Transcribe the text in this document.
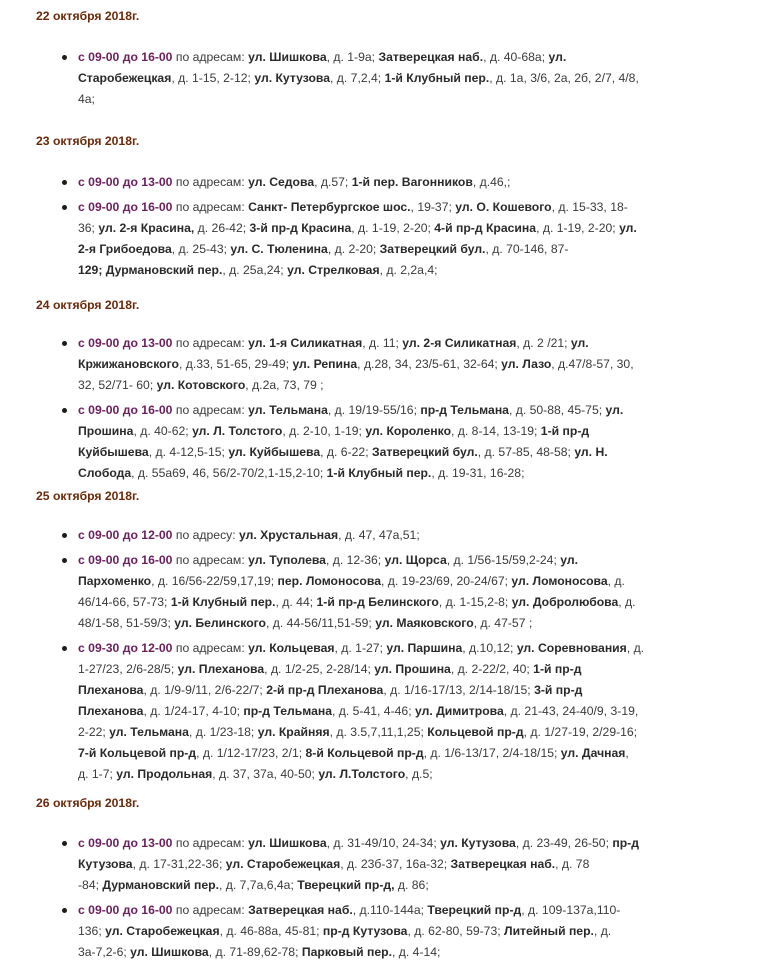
22 октября 2018г.
с 09-00 до 16-00 по адресам: ул. Шишкова, д. 1-9а; Затверецкая наб., д. 40-68а; ул.
Старобежецкая, д. 1-15, 2-12; ул. Кутузова, д. 7,2,4; 1-й Клубный пер., д. 1а, 3/6, 2а, 2б, 2/7, 4/8,
4а;
23 октября 2018г.
с 09-00 до 13-00 по адресам: ул. Седова, д.57; 1-й пер. Вагонников, д.46,;
с 09-00 до 16-00 по адресам: Санкт- Петербургское шос., 19-37; ул. О. Кошевого, д. 15-33, 18-
36; ул. 2-я Красина, д. 26-42; 3-й пр-д Красина, д. 1-19, 2-20; 4-й пр-д Красина, д. 1-19, 2-20; ул.
2-я Грибоедова, д. 25-43; ул. С. Тюленина, д. 2-20; Затверецкий бул., д. 70-146, 87-
129; Дурмановский пер., д. 25а,24; ул. Стрелковая, д. 2,2а,4;
24 октября 2018г.
с 09-00 до 13-00 по адресам: ул. 1-я Силикатная, д. 11; ул. 2-я Силикатная, д. 2 /21; ул.
Кржижановского, д.33, 51-65, 29-49; ул. Репина, д.28, 34, 23/5-61, 32-64; ул. Лазо, д.47/8-57, 30,
32, 52/71- 60; ул. Котовского, д.2а, 73, 79 ;
с 09-00 до 16-00 по адресам: ул. Тельмана, д. 19/19-55/16; пр-д Тельмана, д. 50-88, 45-75; ул.
Прошина, д. 40-62; ул. Л. Толстого, д. 2-10, 1-19; ул. Короленко, д. 8-14, 13-19; 1-й пр-д
Куйбышева, д. 4-12,5-15; ул. Куйбышева, д. 6-22; Затверецкий бул., д. 57-85, 48-58; ул. Н.
Слобода, д. 55а69, 46, 56/2-70/2,1-15,2-10; 1-й Клубный пер., д. 19-31, 16-28;
25 октября 2018г.
с 09-00 до 12-00 по адресу: ул. Хрустальная, д. 47, 47а,51;
с 09-00 до 16-00 по адресам: ул. Туполева, д. 12-36; ул. Щорса, д. 1/56-15/59,2-24; ул.
Пархоменко, д. 16/56-22/59,17,19; пер. Ломоносова, д. 19-23/69, 20-24/67; ул. Ломоносова, д.
46/14-66, 57-73; 1-й Клубный пер., д. 44; 1-й пр-д Белинского, д. 1-15,2-8; ул. Добролюбова, д.
48/1-58, 51-59/3; ул. Белинского, д. 44-56/11,51-59; ул. Маяковского, д. 47-57 ;
с 09-30 до 12-00 по адресам: ул. Кольцевая, д. 1-27; ул. Паршина, д.10,12; ул. Соревнования, д.
1-27/23, 2/6-28/5; ул. Плеханова, д. 1/2-25, 2-28/14; ул. Прошина, д. 2-22/2, 40; 1-й пр-д
Плеханова, д. 1/9-9/11, 2/6-22/7; 2-й пр-д Плеханова, д. 1/16-17/13, 2/14-18/15; 3-й пр-д
Плеханова, д. 1/24-17, 4-10; пр-д Тельмана, д. 5-41, 4-46; ул. Димитрова, д. 21-43, 24-40/9, 3-19,
2-22; ул. Тельмана, д. 1/23-18; ул. Крайняя, д. 3.5,7,11,1,25; Кольцевой пр-д, д. 1/27-19, 2/29-16;
7-й Кольцевой пр-д, д. 1/12-17/23, 2/1; 8-й Кольцевой пр-д, д. 1/6-13/17, 2/4-18/15; ул. Дачная,
д. 1-7; ул. Продольная, д. 37, 37а, 40-50; ул. Л.Толстого, д.5;
26 октября 2018г.
с 09-00 до 13-00 по адресам: ул. Шишкова, д. 31-49/10, 24-34; ул. Кутузова, д. 23-49, 26-50; пр-д
Кутузова, д. 17-31,22-36; ул. Старобежецкая, д. 23б-37, 16а-32; Затверецкая наб., д. 78
-84; Дурмановский пер., д. 7,7а,6,4а; Тверецкий пр-д, д. 86;
с 09-00 до 16-00 по адресам: Затверецкая наб., д.110-144а; Тверецкий пр-д, д. 109-137а,110-
136; ул. Старобежецкая, д. 46-88а, 45-81; пр-д Кутузова, д. 62-80, 59-73; Литейный пер., д.
3а-7,2-6; ул. Шишкова, д. 71-89,62-78; Парковый пер., д. 4-14;
